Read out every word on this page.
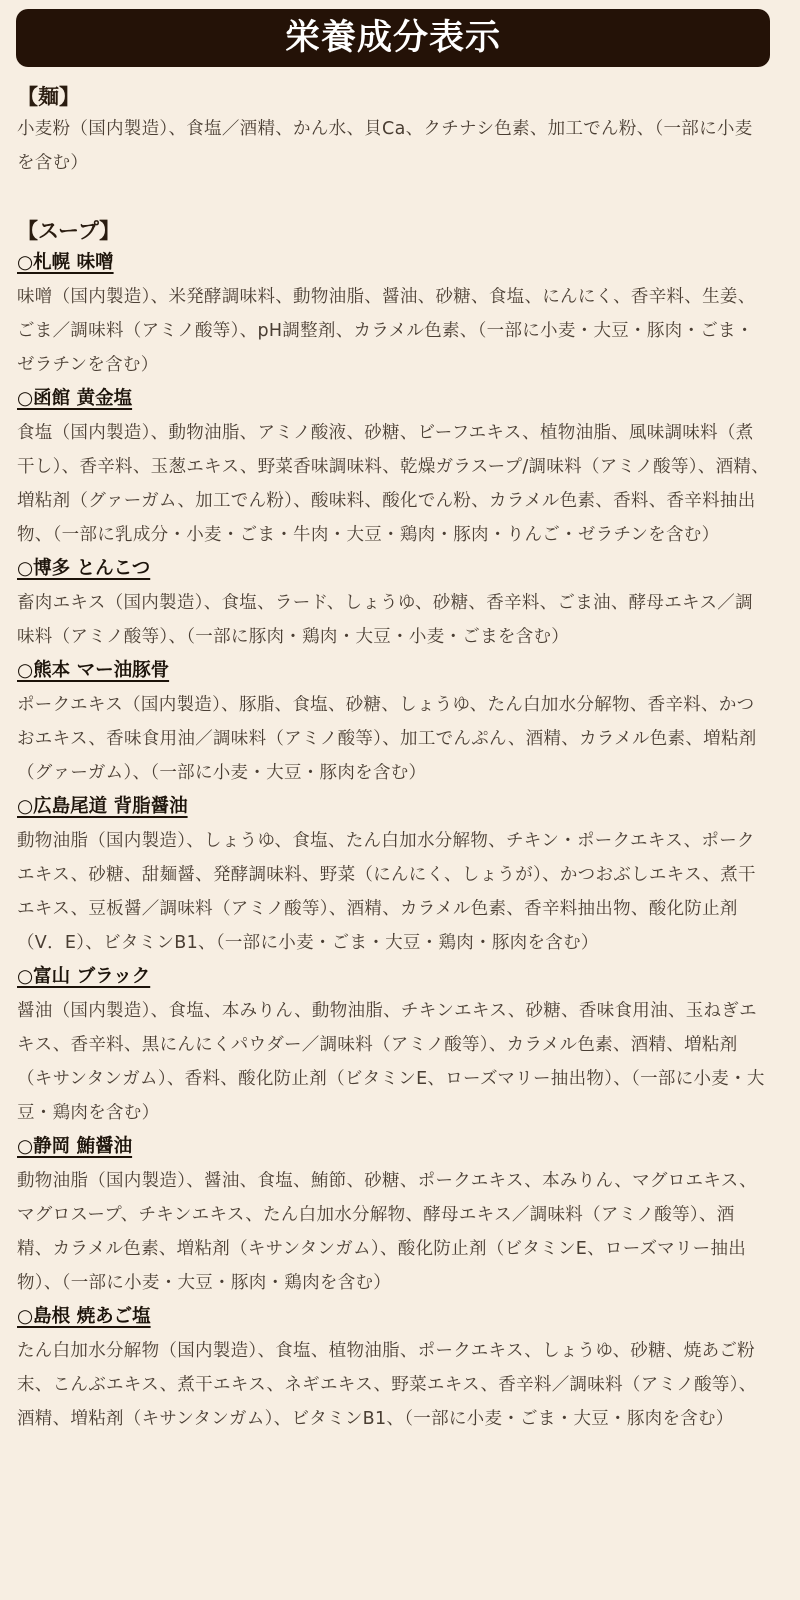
栄養成分表示
【麺】

小麦粉（国内製造）、食塩／酒精、かん水、貝Ca、クチナシ色素、加工でん粉、（一部に小麦を含む）

【スープ】
○札幌 味噌

味噌（国内製造）、米発酵調味料、動物油脂、醤油、砂糖、食塩、にんにく、香辛料、生姜、ごま／調味料（アミノ酸等）、pH調整剤、カラメル色素、（一部に小麦・大豆・豚肉・ごま・ゼラチンを含む）

○函館 黄金塩

食塩（国内製造）、動物油脂、アミノ酸液、砂糖、ビーフエキス、植物油脂、風味調味料（煮干し）、香辛料、玉葱エキス、野菜香味調味料、乾燥ガラスープ/調味料（アミノ酸等）、酒精、増粘剤（グァーガム、加工でん粉）、酸味料、酸化でん粉、カラメル色素、香料、香辛料抽出物、（一部に乳成分・小麦・ごま・牛肉・大豆・鶏肉・豚肉・りんご・ゼラチンを含む）

○博多 とんこつ

畜肉エキス（国内製造）、食塩、ラード、しょうゆ、砂糖、香辛料、ごま油、酵母エキス／調味料（アミノ酸等）、（一部に豚肉・鶏肉・大豆・小麦・ごまを含む）

○熊本 マー油豚骨

ポークエキス（国内製造）、豚脂、食塩、砂糖、しょうゆ、たん白加水分解物、香辛料、かつおエキス、香味食用油／調味料（アミノ酸等）、加工でんぷん、酒精、カラメル色素、増粘剤（グァーガム）、（一部に小麦・大豆・豚肉を含む）

○広島尾道 背脂醤油

動物油脂（国内製造）、しょうゆ、食塩、たん白加水分解物、チキン・ポークエキス、ポークエキス、砂糖、甜麺醤、発酵調味料、野菜（にんにく、しょうが）、かつおぶしエキス、煮干エキス、豆板醤／調味料（アミノ酸等）、酒精、カラメル色素、香辛料抽出物、酸化防止剤（V．E）、ビタミンB1、（一部に小麦・ごま・大豆・鶏肉・豚肉を含む）

○富山 ブラック

醤油（国内製造）、食塩、本みりん、動物油脂、チキンエキス、砂糖、香味食用油、玉ねぎエキス、香辛料、黒にんにくパウダー／調味料（アミノ酸等）、カラメル色素、酒精、増粘剤（キサンタンガム）、香料、酸化防止剤（ビタミンE、ローズマリー抽出物）、（一部に小麦・大豆・鶏肉を含む）

○静岡 鮪醤油

動物油脂（国内製造）、醤油、食塩、鮪節、砂糖、ポークエキス、本みりん、マグロエキス、マグロスープ、チキンエキス、たん白加水分解物、酵母エキス／調味料（アミノ酸等）、酒精、カラメル色素、増粘剤（キサンタンガム）、酸化防止剤（ビタミンE、ローズマリー抽出物）、（一部に小麦・大豆・豚肉・鶏肉を含む）

○島根 焼あご塩

たん白加水分解物（国内製造）、食塩、植物油脂、ポークエキス、しょうゆ、砂糖、焼あご粉末、こんぶエキス、煮干エキス、ネギエキス、野菜エキス、香辛料／調味料（アミノ酸等）、酒精、増粘剤（キサンタンガム）、ビタミンB1、（一部に小麦・ごま・大豆・豚肉を含む）
